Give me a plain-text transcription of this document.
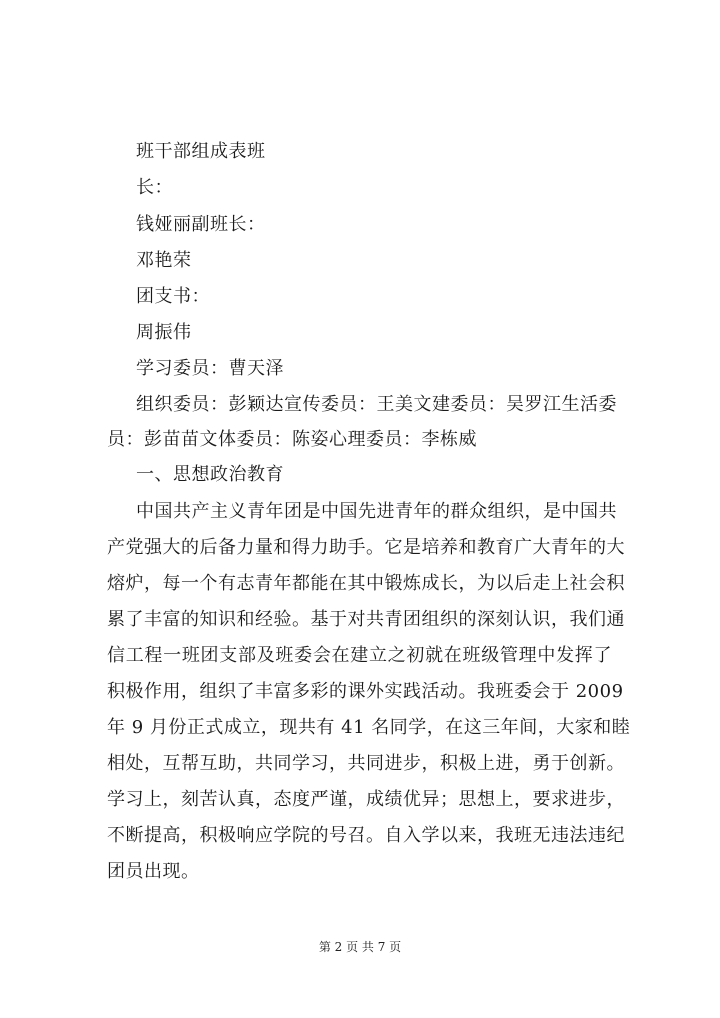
班干部组成表班
长：
钱娅丽副班长：
邓艳荣
团支书：
周振伟
学习委员：曹天泽
组织委员：彭颖达宣传委员：王美文建委员：吴罗江生活委
员：彭苗苗文体委员：陈姿心理委员：李栋威
一、思想政治教育
中国共产主义青年团是中国先进青年的群众组织，是中国共
产党强大的后备力量和得力助手。它是培养和教育广大青年的大
熔炉，每一个有志青年都能在其中锻炼成长，为以后走上社会积
累了丰富的知识和经验。基于对共青团组织的深刻认识，我们通
信工程一班团支部及班委会在建立之初就在班级管理中发挥了
积极作用，组织了丰富多彩的课外实践活动。我班委会于 2009
年 9 月份正式成立，现共有 41 名同学，在这三年间，大家和睦
相处，互帮互助，共同学习，共同进步，积极上进，勇于创新。
学习上，刻苦认真，态度严谨，成绩优异；思想上，要求进步，
不断提高，积极响应学院的号召。自入学以来，我班无违法违纪
团员出现。
第 2 页 共 7 页
